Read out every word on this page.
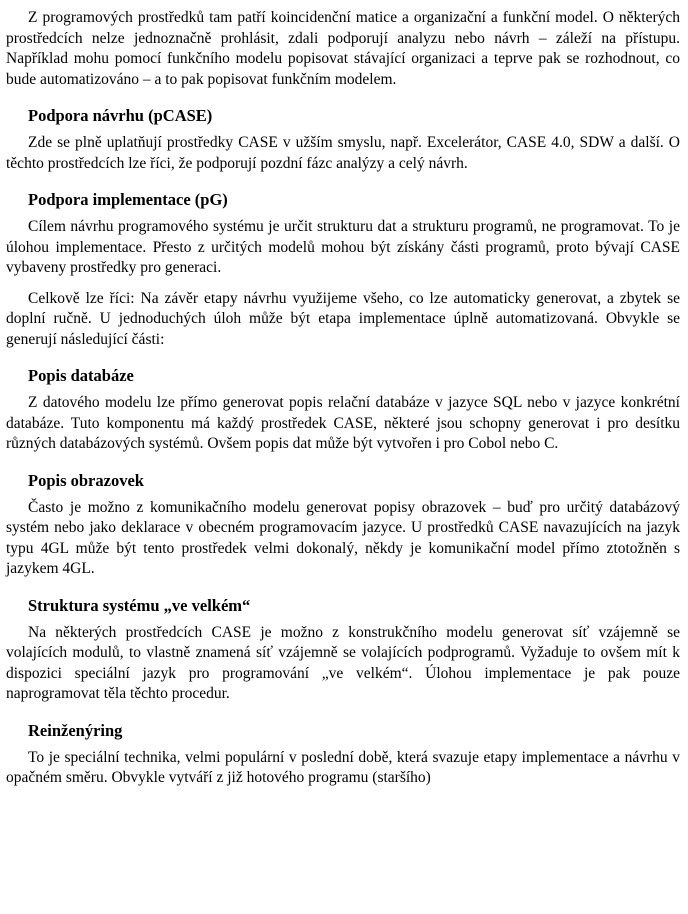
Z programových prostředků tam patří koincidenční matice a organizační a funkční model. O některých prostředcích nelze jednoznačně prohlásit, zdali podporují analyzu nebo návrh – záleží na přístupu. Například mohu pomocí funkčního modelu popisovat stávající organizaci a teprve pak se rozhodnout, co bude automatizováno – a to pak popisovat funkčním modelem.

Podpora návrhu (pCASE)

Zde se plně uplatňují prostředky CASE v užším smyslu, např. Excelerátor, CASE 4.0, SDW a další. O těchto prostředcích lze říci, že podporují pozdní fázc analýzy a celý návrh.

Podpora implementace (pG)

Cílem návrhu programového systému je určit strukturu dat a strukturu programů, ne programovat. To je úlohou implementace. Přesto z určitých modelů mohou být získány části programů, proto bývají CASE vybaveny prostředky pro generaci.

Celkově lze říci: Na závěr etapy návrhu využijeme všeho, co lze automaticky generovat, a zbytek se doplní ručně. U jednoduchých úloh může být etapa implementace úplně automatizovaná. Obvykle se generují následující části:

Popis databáze

Z datového modelu lze přímo generovat popis relační databáze v jazyce SQL nebo v jazyce konkrétní databáze. Tuto komponentu má každý prostředek CASE, některé jsou schopny generovat i pro desítku různých databázových systémů. Ovšem popis dat může být vytvořen i pro Cobol nebo C.

Popis obrazovek

Často je možno z komunikačního modelu generovat popisy obrazovek – buď pro určitý databázový systém nebo jako deklarace v obecném programovacím jazyce. U prostředků CASE navazujících na jazyk typu 4GL může být tento prostředek velmi dokonalý, někdy je komunikační model přímo ztotožněn s jazykem 4GL.

Struktura systému „ve velkém“

Na některých prostředcích CASE je možno z konstrukčního modelu generovat síť vzájemně se volajících modulů, to vlastně znamená síť vzájemně se volajících podprogramů. Vyžaduje to ovšem mít k dispozici speciální jazyk pro programování „ve velkém“. Úlohou implementace je pak pouze naprogramovat těla těchto procedur.

Reinženýring

To je speciální technika, velmi populární v poslední době, která svazuje etapy implementace a návrhu v opačném směru. Obvykle vytváří z již hotového programu (staršího)
